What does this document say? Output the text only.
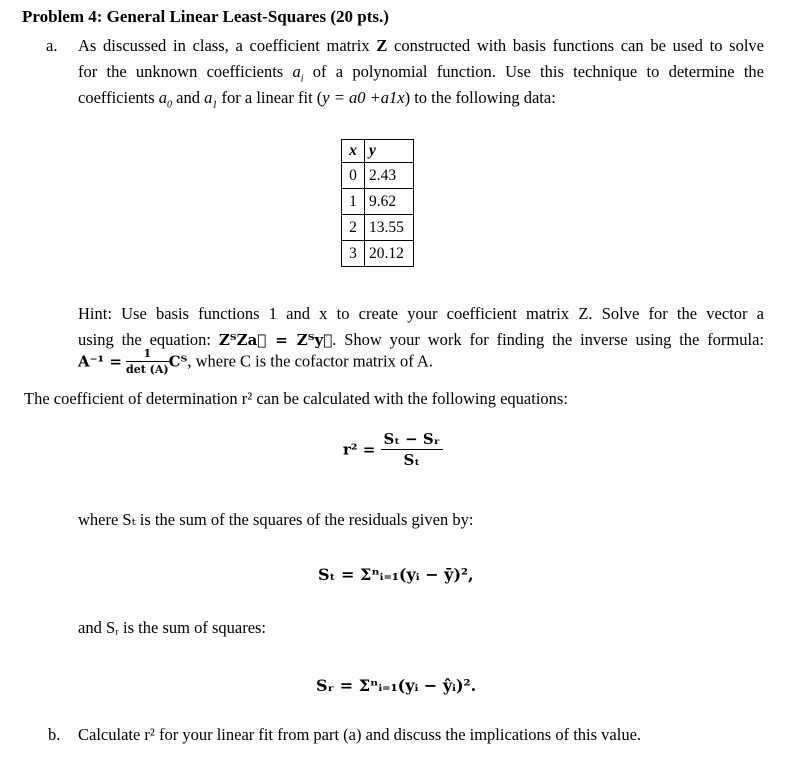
Problem 4: General Linear Least-Squares (20 pts.)
a. As discussed in class, a coefficient matrix Z constructed with basis functions can be used to solve
for the unknown coefficients $a_i$ of a polynomial function. Use this technique to determine the
coefficients $a_0$ and $a_1$ for a linear fit (y = a0 +a1x) to the following data:
x	y
0	2.43
1	9.62
2	13.55
3	20.12
Hint: Use basis functions 1 and x to create your coefficient matrix Z. Solve for the vector a
using the equation: ZᵀZa⃗ = Zᵀy⃗. Show your work for finding the inverse using the formula:
$A^{-1} = \frac{1}{\det (A)}$ Cᵀ, where C is the cofactor matrix of A.
The coefficient of determination r² can be calculated with the following equations:
$r^2 = \frac{\text{Sₜ − Sᵣ}}{\text{Sₜ}}$
where Sₜ is the sum of the squares of the residuals given by:
Sₜ = Σⁿᵢ₌₁(yᵢ − ȳ)²,
and Sᵣ is the sum of squares:
Sᵣ = Σⁿᵢ₌₁(yᵢ − ŷᵢ)².
b. Calculate r² for your linear fit from part (a) and discuss the implications of this value.
